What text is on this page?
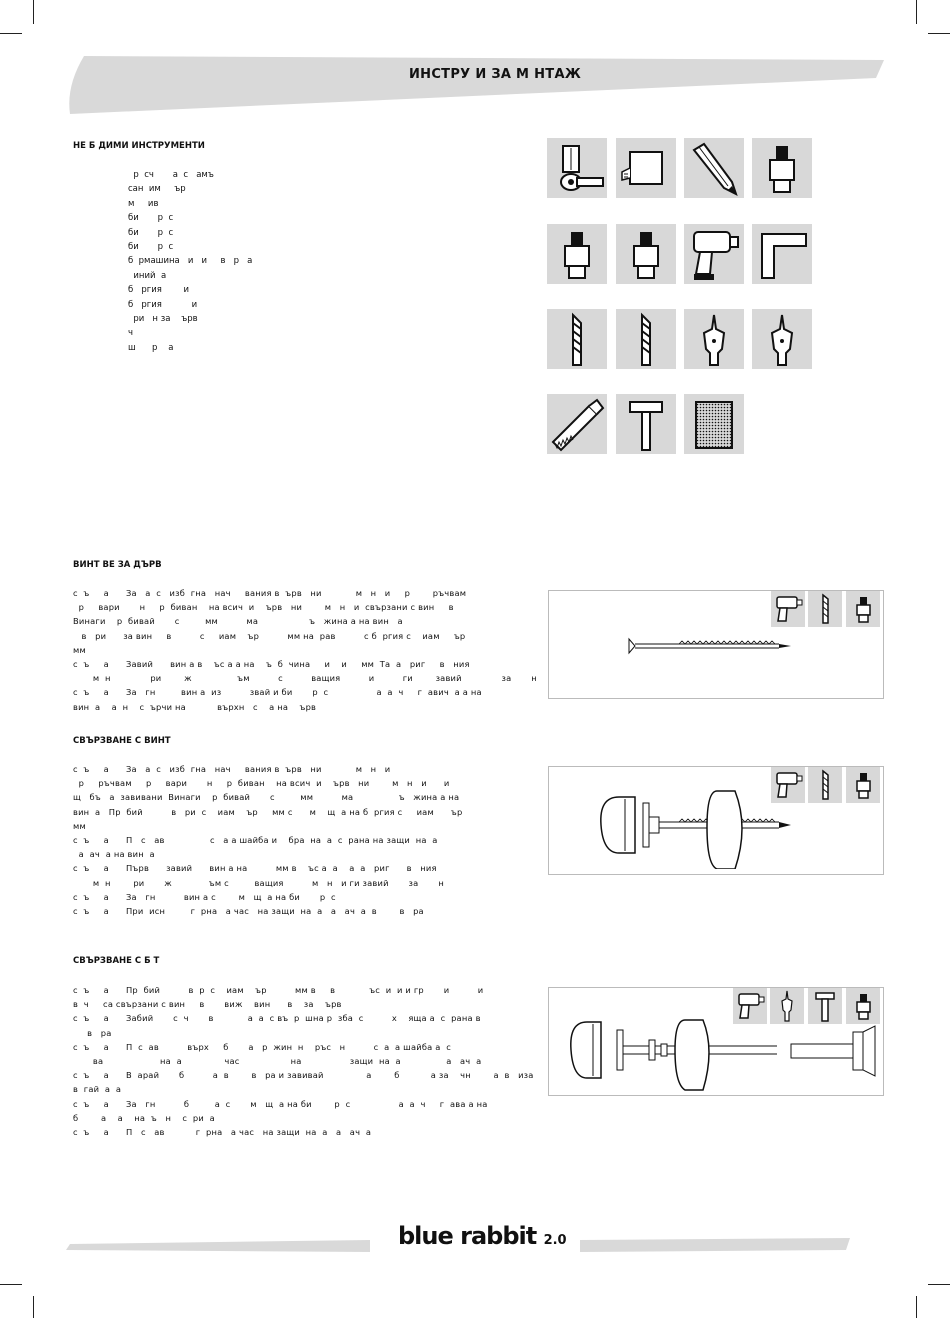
ИНСТРУ И ЗА М НТАЖ
НЕ Б ДИМИ ИНСТРУМЕНТИ
р  сч       а  с   амъ
сан  им     ър
м     ив
би       р  с
би       р  с
би       р  с
б  рмашина   и   и     в   р   а
иний  а
б   ргия        и
б   ргия           и
ри   н за    ърв
ч
ш      р    а
ВИНТ ВЕ ЗА ДЪРВ
с  ъ     а      За   а  с   изб  гна   нач     вания в  ърв   ни            м   н   и     р        ръчвам
р     вари       н     р  биван    на всич  и    ърв   ни        м   н   и  свързани с вин     в
Винаги    р  бивай       с         мм          ма                  ъ   жина а на вин   а
в   ри      за вин     в          с     иам    ър          мм на  рав          с б  ргия с    иам     ър
мм
с  ъ     а      Завий      вин а в    ъс а а на    ъ  б  чина     и    и     мм  Та  а   риг     в   ния
м  н              ри        ж                ъм          с          ващия          и          ги        завий              за       н
с  ъ     а      За   гн         вин а  из          звай и би       р  с                 а  а  ч     г  авич  а а на
вин  а    а  н    с  ърчи на           върхн   с    а на    ърв
СВЪРЗВАНЕ С ВИНТ
с  ъ     а      За   а  с   изб  гна   нач     вания в  ърв   ни            м   н   и
р     ръчвам     р     вари       н     р  биван    на всич  и    ърв   ни        м   н   и      и
щ   бъ   а  завивани  Винаги    р  бивай       с         мм          ма                ъ   жина а на
вин  а   Пр  бий          в   ри  с    иам    ър     мм с      м    щ  а на б  ргия с     иам      ър
мм
с  ъ     а      П   с   ав                с   а а шайба и    бра  на  а  с  рана на защи  на  а
а  ач  а на вин  а
с  ъ     а      Първ      завий      вин а на          мм в    ъс а  а    а  а   риг      в   ния
м  н        ри       ж             ъм с         ващия          м   н   и ги завий       за       н
с  ъ     а      За   гн          вин а с        м   щ  а на би       р  с
с  ъ     а      При  исн         г  рна   а час   на защи  на  а   а   ач  а  в        в   ра
СВЪРЗВАНЕ С Б Т
с  ъ     а      Пр  бий          в  р  с    иам    ър          мм в     в            ъс  и  и и гр       и          и
в  ч     са свързани с вин     в       виж    вин      в    за    ърв
с  ъ     а      Забий       с  ч       в            а  а  с въ  р  шна р  зба  с          х    яща а  с  рана в
в   ра
с  ъ     а      П  с  ав          върх     б       а   р  жин  н    ръс   н          с  а  а шайба а  с
ва                    на  а               час                  на                 защи  на  а                а   ач  а
с  ъ     а      В  арай       б          а  в        в   ра и завивай               а        б           а за    чн        а  в   иза
в  гай  а  а
с  ъ     а      За   гн          б         а  с       м   щ  а на би        р  с                 а  а  ч     г  ава а на
б        а    а    на  ъ   н    с  ри  а
с  ъ     а      П   с   ав           г  рна   а час   на защи  на  а   а   ач  а
blue rabbit 2.0
